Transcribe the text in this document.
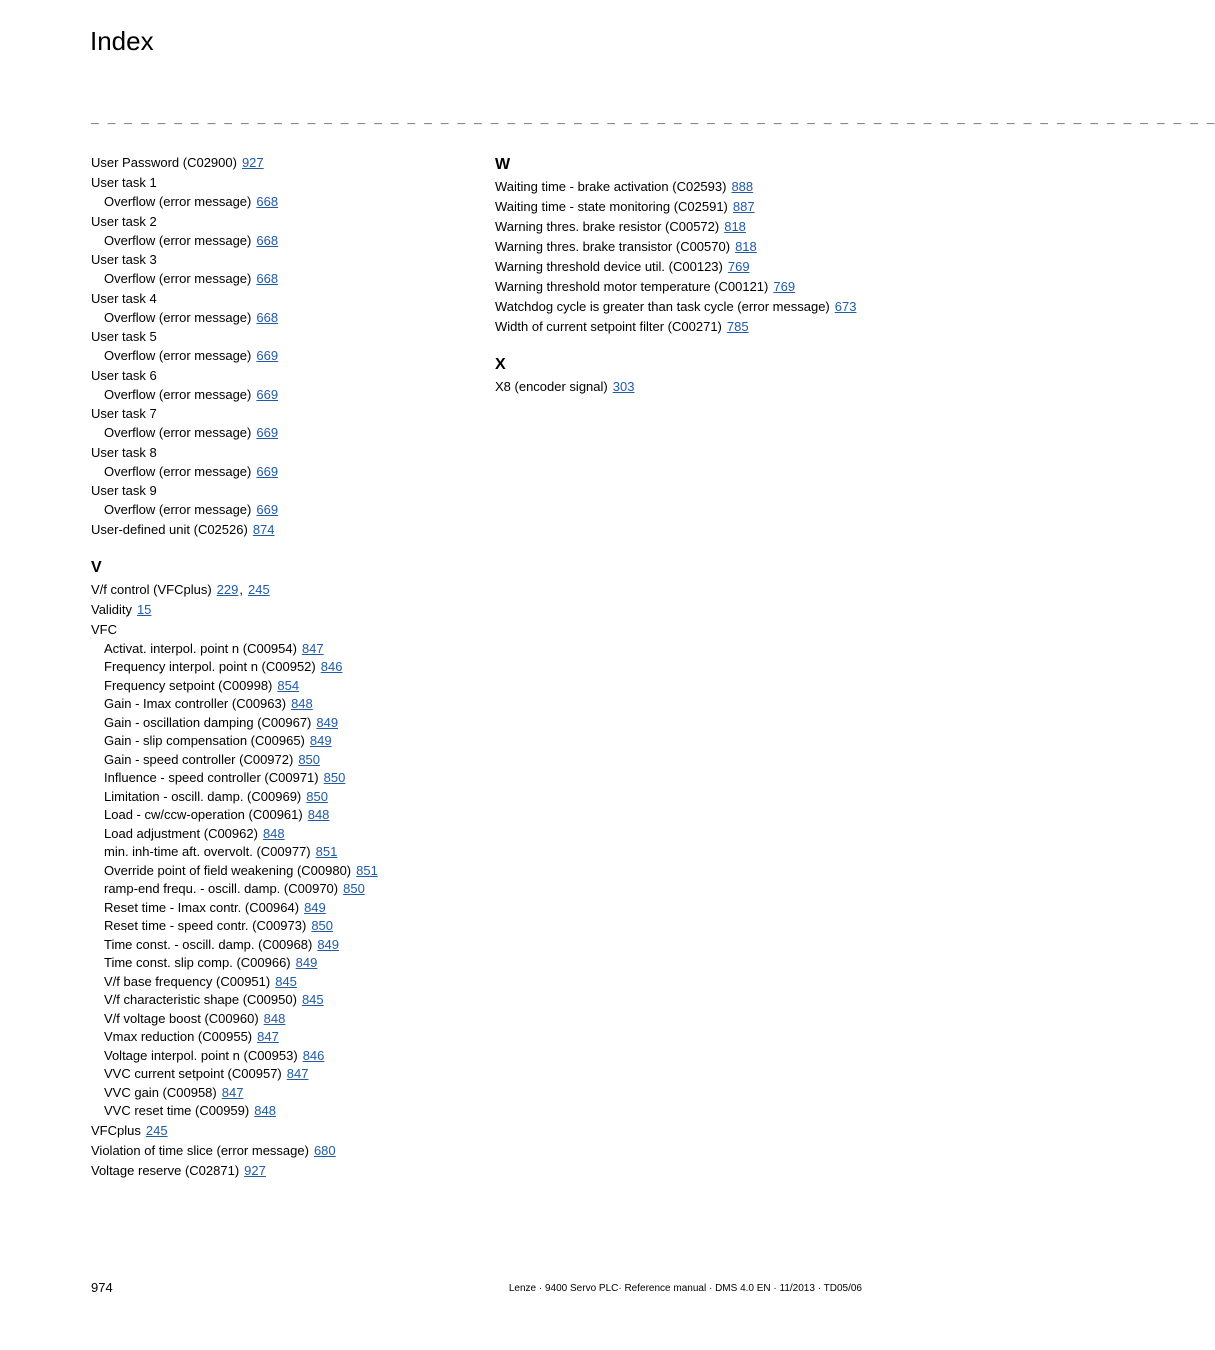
Index
_ _ _ _ _ _ _ _ _ _ _ _ _ _ _ _ _ _ _ _ _ _ _ _ _ _ _ _ _ _ _ _ _ _ _ _ _ _ _ _ _ _ _ _ _ _ _ _ _ _ _ _ _ _ _ _ _ _ _ _ _ _ _ _ _ _ _ _
User Password (C02900) 927
User task 1
Overflow (error message) 668
User task 2
Overflow (error message) 668
User task 3
Overflow (error message) 668
User task 4
Overflow (error message) 668
User task 5
Overflow (error message) 669
User task 6
Overflow (error message) 669
User task 7
Overflow (error message) 669
User task 8
Overflow (error message) 669
User task 9
Overflow (error message) 669
User-defined unit (C02526) 874
V
V/f control (VFCplus) 229, 245
Validity 15
VFC
Activat. interpol. point n (C00954) 847
Frequency interpol. point n (C00952) 846
Frequency setpoint (C00998) 854
Gain - Imax controller (C00963) 848
Gain - oscillation damping (C00967) 849
Gain - slip compensation (C00965) 849
Gain - speed controller (C00972) 850
Influence - speed controller (C00971) 850
Limitation - oscill. damp. (C00969) 850
Load - cw/ccw-operation (C00961) 848
Load adjustment (C00962) 848
min. inh-time aft. overvolt. (C00977) 851
Override point of field weakening (C00980) 851
ramp-end frequ. - oscill. damp. (C00970) 850
Reset time - Imax contr. (C00964) 849
Reset time - speed contr. (C00973) 850
Time const. - oscill. damp. (C00968) 849
Time const. slip comp. (C00966) 849
V/f base frequency (C00951) 845
V/f characteristic shape (C00950) 845
V/f voltage boost (C00960) 848
Vmax reduction (C00955) 847
Voltage interpol. point n (C00953) 846
VVC current setpoint (C00957) 847
VVC gain (C00958) 847
VVC reset time (C00959) 848
VFCplus 245
Violation of time slice (error message) 680
Voltage reserve (C02871) 927
W
Waiting time - brake activation (C02593) 888
Waiting time - state monitoring (C02591) 887
Warning thres. brake resistor (C00572) 818
Warning thres. brake transistor (C00570) 818
Warning threshold device util. (C00123) 769
Warning threshold motor temperature (C00121) 769
Watchdog cycle is greater than task cycle (error message) 673
Width of current setpoint filter (C00271) 785
X
X8 (encoder signal) 303
974	Lenze · 9400 Servo PLC· Reference manual · DMS 4.0 EN · 11/2013 · TD05/06
